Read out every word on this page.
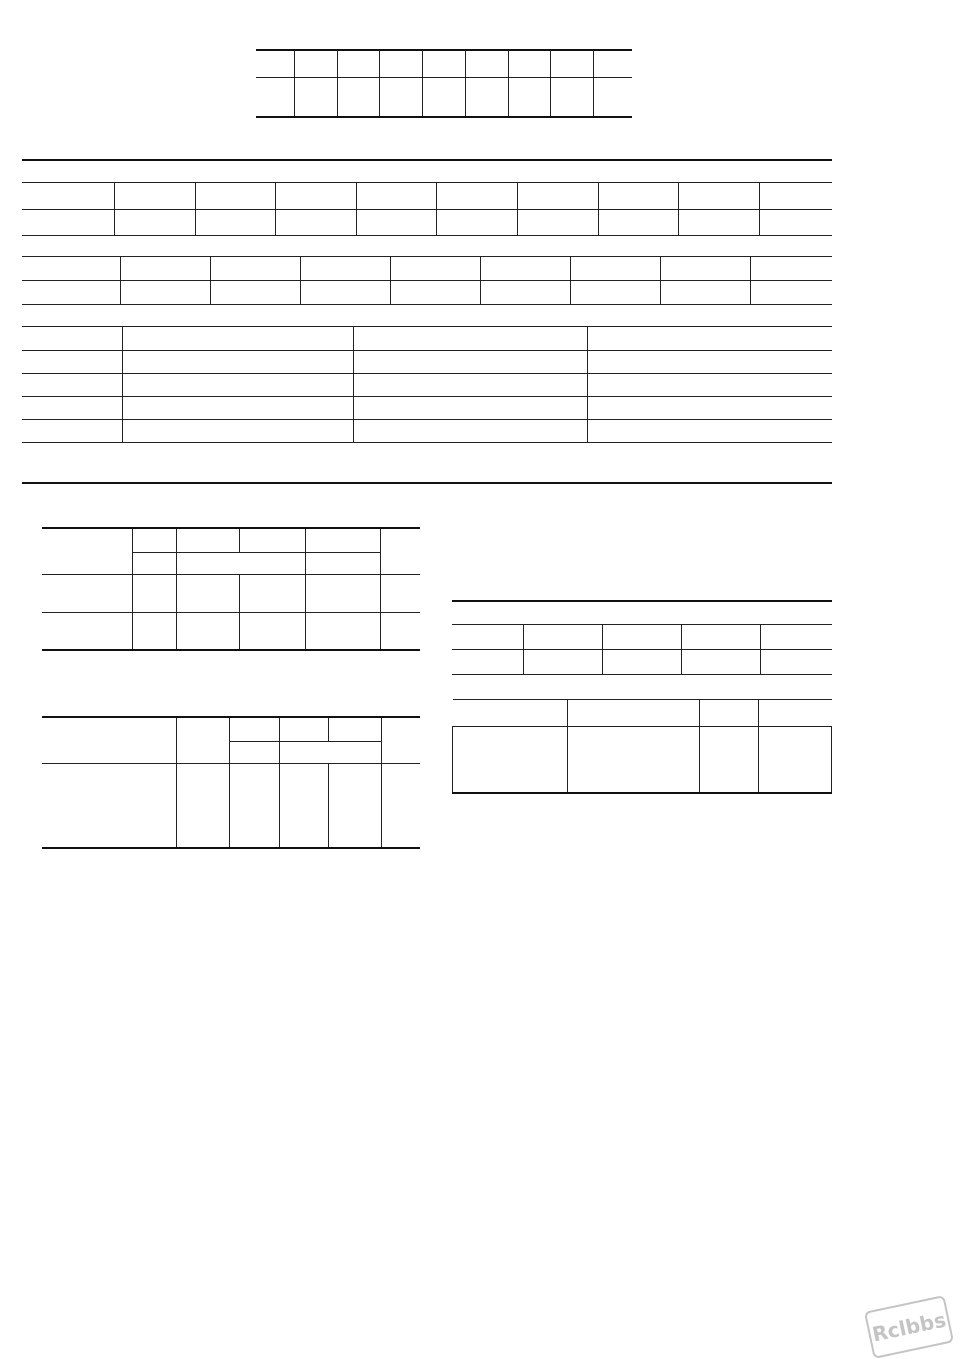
Rclbbs
